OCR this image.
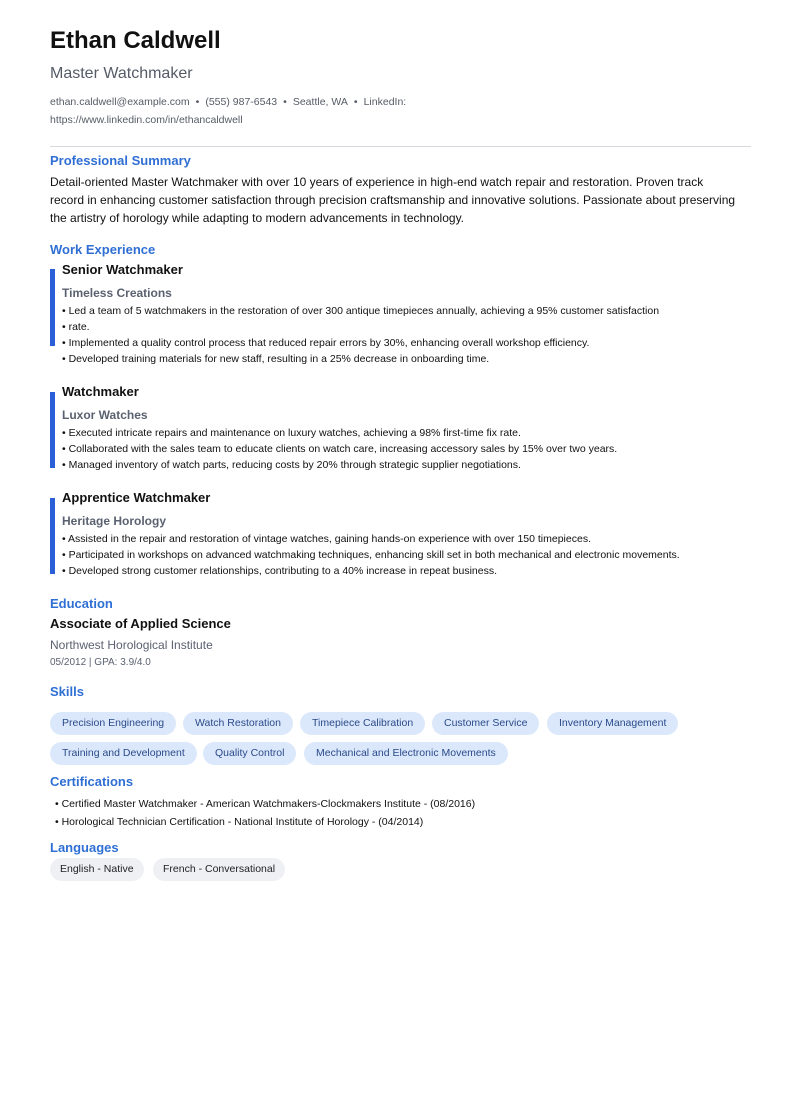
Ethan Caldwell
Master Watchmaker
ethan.caldwell@example.com • (555) 987-6543 • Seattle, WA • LinkedIn:
https://www.linkedin.com/in/ethancaldwell
Professional Summary
Detail-oriented Master Watchmaker with over 10 years of experience in high-end watch repair and restoration. Proven track record in enhancing customer satisfaction through precision craftsmanship and innovative solutions. Passionate about preserving the artistry of horology while adapting to modern advancements in technology.
Work Experience
Senior Watchmaker
Timeless Creations
• Led a team of 5 watchmakers in the restoration of over 300 antique timepieces annually, achieving a 95% customer satisfaction
• rate.
• Implemented a quality control process that reduced repair errors by 30%, enhancing overall workshop efficiency.
• Developed training materials for new staff, resulting in a 25% decrease in onboarding time.
Watchmaker
Luxor Watches
• Executed intricate repairs and maintenance on luxury watches, achieving a 98% first-time fix rate.
• Collaborated with the sales team to educate clients on watch care, increasing accessory sales by 15% over two years.
• Managed inventory of watch parts, reducing costs by 20% through strategic supplier negotiations.
Apprentice Watchmaker
Heritage Horology
• Assisted in the repair and restoration of vintage watches, gaining hands-on experience with over 150 timepieces.
• Participated in workshops on advanced watchmaking techniques, enhancing skill set in both mechanical and electronic movements.
• Developed strong customer relationships, contributing to a 40% increase in repeat business.
Education
Associate of Applied Science
Northwest Horological Institute
05/2012 | GPA: 3.9/4.0
Skills
Precision Engineering	Watch Restoration	Timepiece Calibration	Customer Service	Inventory Management
Training and Development	Quality Control	Mechanical and Electronic Movements
Certifications
• Certified Master Watchmaker - American Watchmakers-Clockmakers Institute - (08/2016)
• Horological Technician Certification - National Institute of Horology - (04/2014)
Languages
English - Native	French - Conversational
